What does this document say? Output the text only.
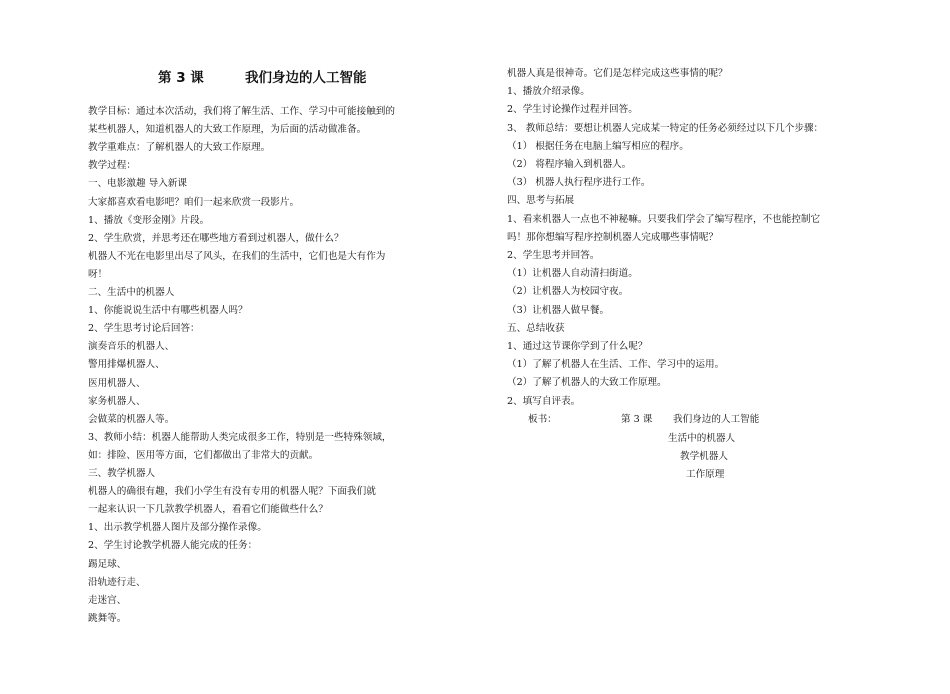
第 3 课	我们身边的人工智能
板书：	第 3 课 我们身边的人工智能
生活中的机器人
教学机器人
工作原理
教学目标：通过本次活动，我们将了解生活、工作、学习中可能接触到的
某些机器人，知道机器人的大致工作原理，为后面的活动做准备。
教学重难点：了解机器人的大致工作原理。
教学过程：
一、电影激趣 导入新课
大家都喜欢看电影吧？咱们一起来欣赏一段影片。
1、播放《变形金刚》片段。
2、学生欣赏，并思考还在哪些地方看到过机器人，做什么？
机器人不光在电影里出尽了风头，在我们的生活中，它们也是大有作为
呀！
二、生活中的机器人
1、你能说说生活中有哪些机器人吗？
2、学生思考讨论后回答：
演奏音乐的机器人、
警用排爆机器人、
医用机器人、
家务机器人、
会做菜的机器人等。
3、教师小结：机器人能帮助人类完成很多工作，特别是一些特殊领域，
如：排险、医用等方面，它们都做出了非常大的贡献。
三、教学机器人
机器人的确很有趣，我们小学生有没有专用的机器人呢？下面我们就
一起来认识一下几款教学机器人，看看它们能做些什么？
1、出示教学机器人图片及部分操作录像。
2、学生讨论教学机器人能完成的任务：
踢足球、
沿轨迹行走、
走迷宫、
跳舞等。
机器人真是很神奇。它们是怎样完成这些事情的呢？
1、播放介绍录像。
2、学生讨论操作过程并回答。
3、 教师总结：要想让机器人完成某一特定的任务必须经过以下几个步骤：
（1） 根据任务在电脑上编写相应的程序。
（2） 将程序输入到机器人。
（3） 机器人执行程序进行工作。
四、思考与拓展
1、看来机器人一点也不神秘嘛。只要我们学会了编写程序，不也能控制它
吗！那你想编写程序控制机器人完成哪些事情呢？
2、学生思考并回答。
（1）让机器人自动清扫街道。
（2）让机器人为校园守夜。
（3）让机器人做早餐。
五、总结收获
1、通过这节课你学到了什么呢？
（1）了解了机器人在生活、工作、学习中的运用。
（2）了解了机器人的大致工作原理。
2、填写自评表。
